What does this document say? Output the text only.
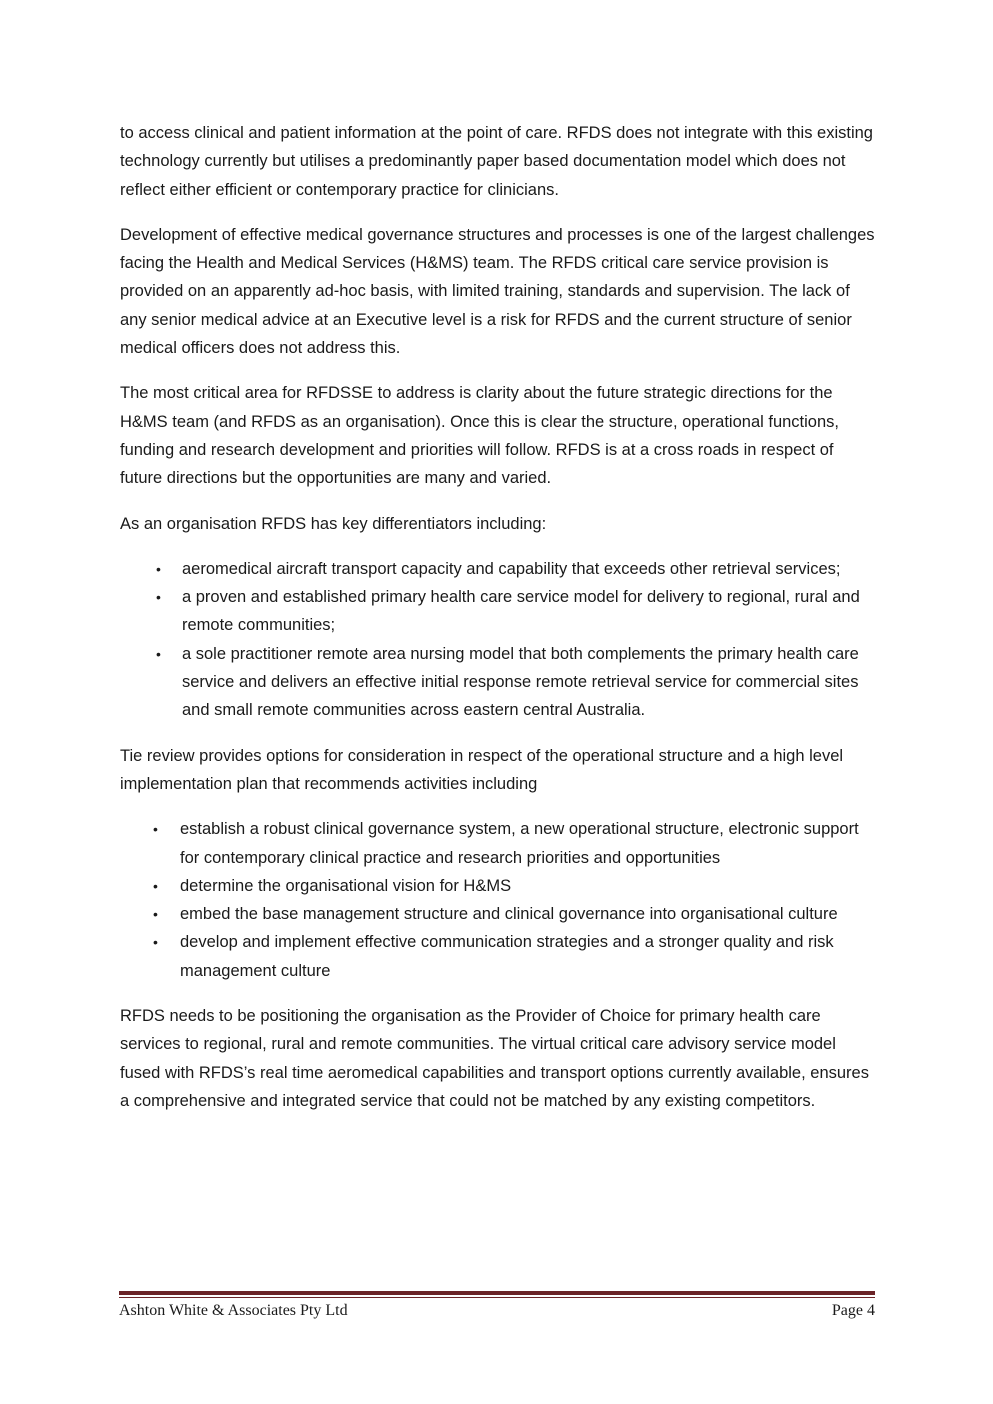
to access clinical and patient information at the point of care. RFDS does not integrate with this existing technology currently but utilises a predominantly paper based documentation model which does not reflect either efficient or contemporary practice for clinicians.

Development of effective medical governance structures and processes is one of the largest challenges facing the Health and Medical Services (H&MS) team. The RFDS critical care service provision is provided on an apparently ad-hoc basis, with limited training, standards and supervision. The lack of any senior medical advice at an Executive level is a risk for RFDS and the current structure of senior medical officers does not address this.

The most critical area for RFDSSE to address is clarity about the future strategic directions for the H&MS team (and RFDS as an organisation). Once this is clear the structure, operational functions, funding and research development and priorities will follow. RFDS is at a cross roads in respect of future directions but the opportunities are many and varied.

As an organisation RFDS has key differentiators including:

• aeromedical aircraft transport capacity and capability that exceeds other retrieval services;
• a proven and established primary health care service model for delivery to regional, rural and remote communities;
• a sole practitioner remote area nursing model that both complements the primary health care service and delivers an effective initial response remote retrieval service for commercial sites and small remote communities across eastern central Australia.

Tie review provides options for consideration in respect of the operational structure and a high level implementation plan that recommends activities including

• establish a robust clinical governance system, a new operational structure, electronic support for contemporary clinical practice and research priorities and opportunities
• determine the organisational vision for H&MS
• embed the base management structure and clinical governance into organisational culture
• develop and implement effective communication strategies and a stronger quality and risk management culture

RFDS needs to be positioning the organisation as the Provider of Choice for primary health care services to regional, rural and remote communities. The virtual critical care advisory service model fused with RFDS’s real time aeromedical capabilities and transport options currently available, ensures a comprehensive and integrated service that could not be matched by any existing competitors.

Ashton White & Associates Pty Ltd	Page 4
